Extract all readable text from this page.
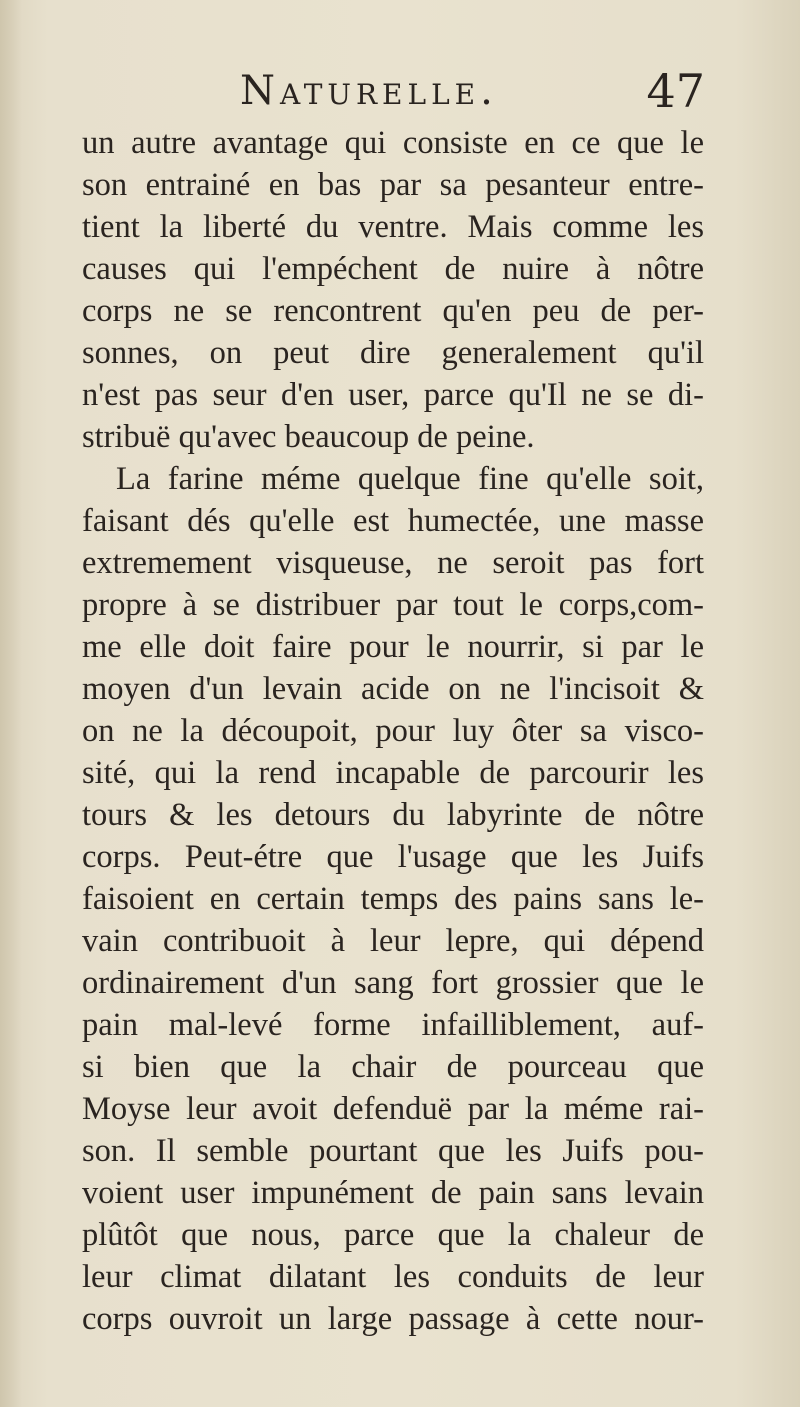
Naturelle.	47
un autre avantage qui consiste en ce que le
son entrainé en bas par sa pesanteur entre-
tient la liberté du ventre. Mais comme les
causes qui l'empéchent de nuire à nôtre
corps ne se rencontrent qu'en peu de per-
sonnes, on peut dire generalement qu'il
n'est pas seur d'en user, parce qu'Il ne se di-
stribuë qu'avec beaucoup de peine.
La farine méme quelque fine qu'elle soit,
faisant dés qu'elle est humectée, une masse
extremement visqueuse, ne seroit pas fort
propre à se distribuer par tout le corps,com-
me elle doit faire pour le nourrir, si par le
moyen d'un levain acide on ne l'incisoit &
on ne la découpoit, pour luy ôter sa visco-
sité, qui la rend incapable de parcourir les
tours & les detours du labyrinte de nôtre
corps. Peut-étre que l'usage que les Juifs
faisoient en certain temps des pains sans le-
vain contribuoit à leur lepre, qui dépend
ordinairement d'un sang fort grossier que le
pain mal-levé forme infailliblement, auf-
si bien que la chair de pourceau que
Moyse leur avoit defenduë par la méme rai-
son. Il semble pourtant que les Juifs pou-
voient user impunément de pain sans levain
plûtôt que nous, parce que la chaleur de
leur climat dilatant les conduits de leur
corps ouvroit un large passage à cette nour-
